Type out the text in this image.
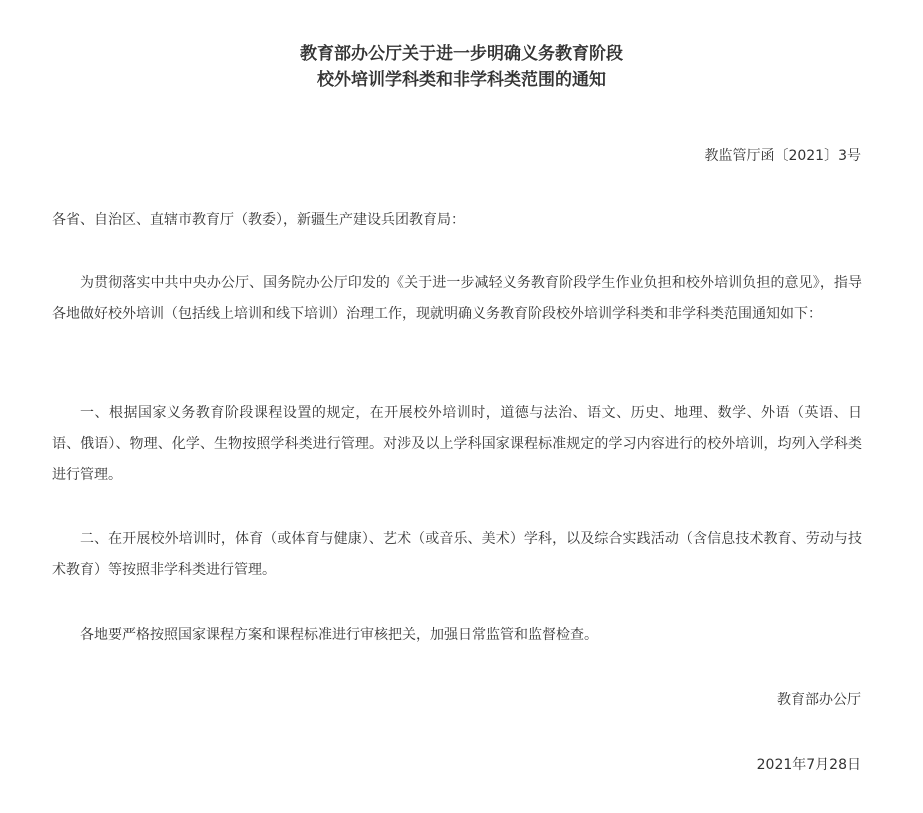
教育部办公厅关于进一步明确义务教育阶段
校外培训学科类和非学科类范围的通知
教监管厅函〔2021〕3号
各省、自治区、直辖市教育厅（教委），新疆生产建设兵团教育局：

为贯彻落实中共中央办公厅、国务院办公厅印发的《关于进一步减轻义务教育阶段学生作业负担和校外培训负担的意见》，指导各地做好校外培训（包括线上培训和线下培训）治理工作，现就明确义务教育阶段校外培训学科类和非学科类范围通知如下：

一、根据国家义务教育阶段课程设置的规定，在开展校外培训时，道德与法治、语文、历史、地理、数学、外语（英语、日语、俄语）、物理、化学、生物按照学科类进行管理。对涉及以上学科国家课程标准规定的学习内容进行的校外培训，均列入学科类进行管理。

二、在开展校外培训时，体育（或体育与健康）、艺术（或音乐、美术）学科，以及综合实践活动（含信息技术教育、劳动与技术教育）等按照非学科类进行管理。

各地要严格按照国家课程方案和课程标准进行审核把关，加强日常监管和监督检查。

教育部办公厅
2021年7月28日
